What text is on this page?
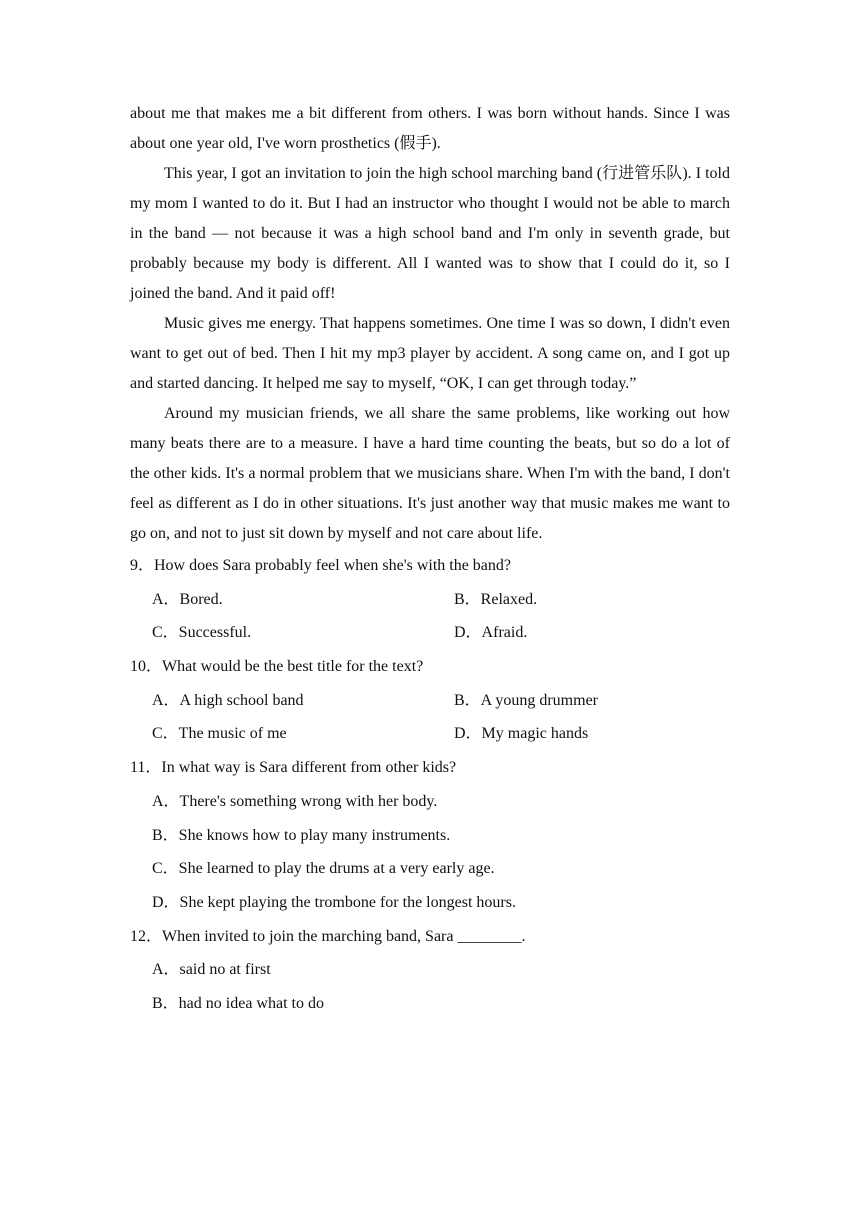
about me that makes me a bit different from others. I was born without hands. Since I was about one year old, I've worn prosthetics (假手).

This year, I got an invitation to join the high school marching band (行进管乐队). I told my mom I wanted to do it. But I had an instructor who thought I would not be able to march in the band — not because it was a high school band and I'm only in seventh grade, but probably because my body is different. All I wanted was to show that I could do it, so I joined the band. And it paid off!

Music gives me energy. That happens sometimes. One time I was so down, I didn't even want to get out of bed. Then I hit my mp3 player by accident. A song came on, and I got up and started dancing. It helped me say to myself, “OK, I can get through today.”

Around my musician friends, we all share the same problems, like working out how many beats there are to a measure. I have a hard time counting the beats, but so do a lot of the other kids. It's a normal problem that we musicians share. When I'm with the band, I don't feel as different as I do in other situations. It's just another way that music makes me want to go on, and not to just sit down by myself and not care about life.

9．How does Sara probably feel when she's with the band?

A．Bored.	B．Relaxed.
C．Successful.	D．Afraid.

10．What would be the best title for the text?

A．A high school band	B．A young drummer
C．The music of me	D．My magic hands

11．In what way is Sara different from other kids?

A．There's something wrong with her body.
B．She knows how to play many instruments.
C．She learned to play the drums at a very early age.
D．She kept playing the trombone for the longest hours.

12．When invited to join the marching band, Sara ________.

A．said no at first
B．had no idea what to do
